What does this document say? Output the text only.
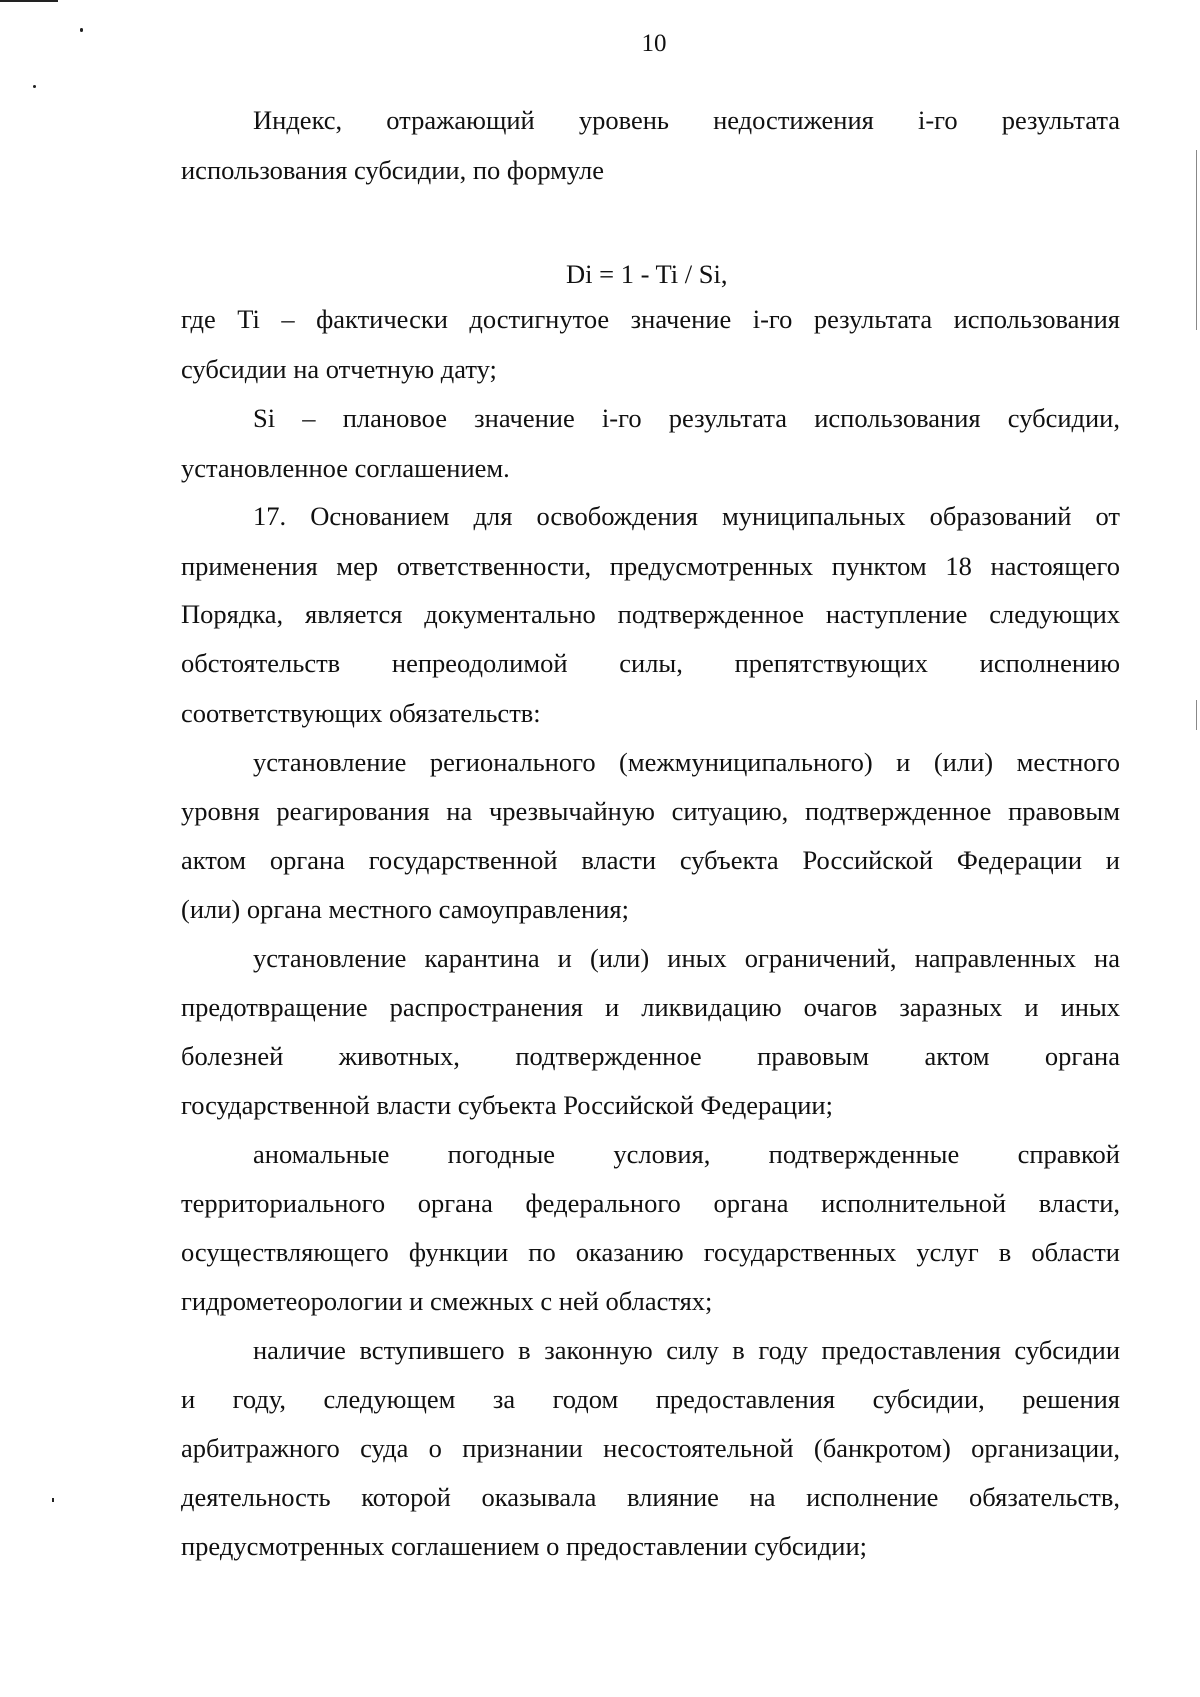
10
Индекс, отражающий уровень недостижения i-го результата
использования субсидии, по формуле
Di = 1 - Ti / Si,
где Ti – фактически достигнутое значение i-го результата использования
субсидии на отчетную дату;
Si – плановое значение i-го результата использования субсидии,
установленное соглашением.
17. Основанием для освобождения муниципальных образований от
применения мер ответственности, предусмотренных пунктом 18 настоящего
Порядка, является документально подтвержденное наступление следующих
обстоятельств непреодолимой силы, препятствующих исполнению
соответствующих обязательств:
установление регионального (межмуниципального) и (или) местного
уровня реагирования на чрезвычайную ситуацию, подтвержденное правовым
актом органа государственной власти субъекта Российской Федерации и
(или) органа местного самоуправления;
установление карантина и (или) иных ограничений, направленных на
предотвращение распространения и ликвидацию очагов заразных и иных
болезней животных, подтвержденное правовым актом органа
государственной власти субъекта Российской Федерации;
аномальные погодные условия, подтвержденные справкой
территориального органа федерального органа исполнительной власти,
осуществляющего функции по оказанию государственных услуг в области
гидрометеорологии и смежных с ней областях;
наличие вступившего в законную силу в году предоставления субсидии
и году, следующем за годом предоставления субсидии, решения
арбитражного суда о признании несостоятельной (банкротом) организации,
деятельность которой оказывала влияние на исполнение обязательств,
предусмотренных соглашением о предоставлении субсидии;
